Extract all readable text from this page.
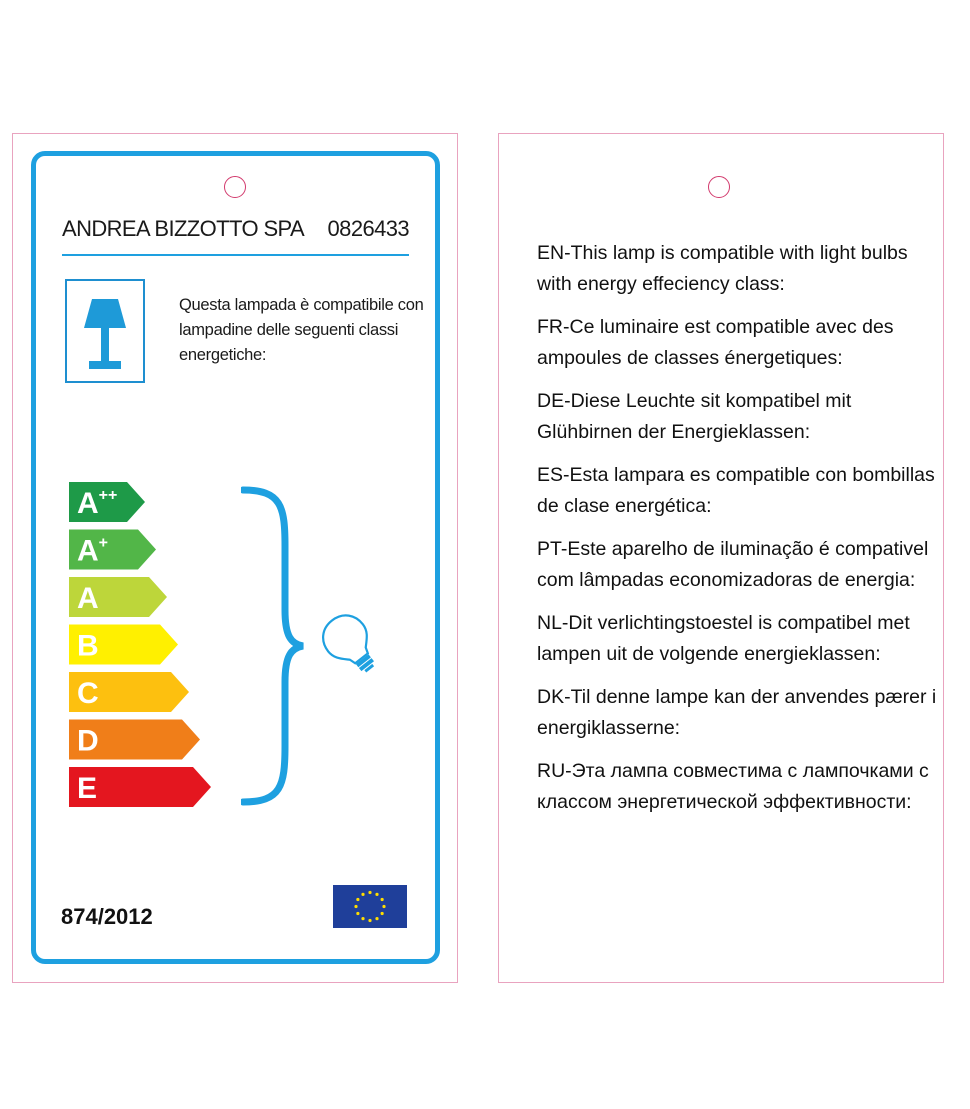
ANDREA BIZZOTTO SPA 0826433
Questa lampada è compatibile con lampadine delle seguenti classi energetiche:
A++
A+
A
B
C
D
E
874/2012
EN-This lamp is compatible with light bulbs with energy effeciency class:
FR-Ce luminaire est compatible avec des ampoules de classes énergetiques:
DE-Diese Leuchte sit kompatibel mit Glühbirnen der Energieklassen:
ES-Esta lampara es compatible con bombillas de clase energética:
PT-Este aparelho de iluminação é compativel com lâmpadas economizadoras de energia:
NL-Dit verlichtingstoestel is compatibel met lampen uit de volgende energieklassen:
DK-Til denne lampe kan der anvendes pærer i energiklasserne:
RU-Эта лампа совместима с лампочками с классом энергетической эффективности:
